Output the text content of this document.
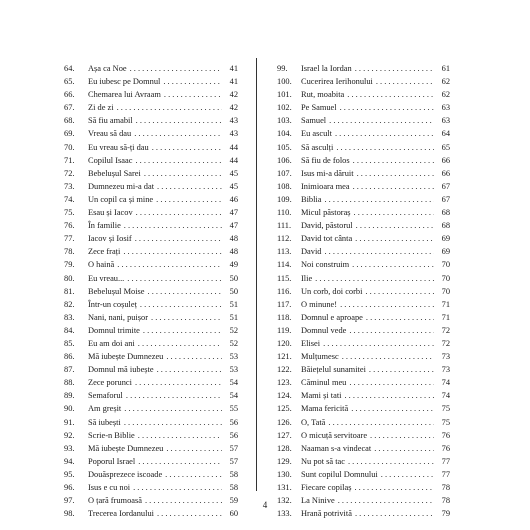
64.	Așa ca Noe . . .	41
65.	Eu iubesc pe Domnul . . .	41
66.	Chemarea lui Avraam . . .	42
67.	Zi de zi . . .	42
68.	Să fiu amabil . . .	43
69.	Vreau să dau . . .	43
70.	Eu vreau să-ți dau . . .	44
71.	Copilul Isaac . . .	44
72.	Bebelușul Sarei . . .	45
73.	Dumnezeu mi-a dat . . .	45
74.	Un copil ca și mine . . .	46
75.	Esau și Iacov . . .	47
76.	În familie . . .	47
77.	Iacov și Iosif . . .	48
78.	Zece frați . . .	48
79.	O haină . . .	49
80.	Eu vreau... . . .	50
81.	Bebelușul Moise . . .	50
82.	Într-un coșuleț . . .	51
83.	Nani, nani, puișor . . .	51
84.	Domnul trimite . . .	52
85.	Eu am doi ani . . .	52
86.	Mă iubește Dumnezeu . . .	53
87.	Domnul mă iubește . . .	53
88.	Zece porunci . . .	54
89.	Semaforul . . .	54
90.	Am greșit . . .	55
91.	Să iubești . . .	56
92.	Scrie-n Biblie . . .	56
93.	Mă iubește Dumnezeu . . .	57
94.	Poporul Israel . . .	57
95.	Douăsprezece iscoade . . .	58
96.	Isus e cu noi . . .	58
97.	O țară frumoasă . . .	59
98.	Trecerea Iordanului . . .	60
99.	Israel la Iordan . . .	61
100.	Cucerirea Ierihonului . . .	62
101.	Rut, moabita . . .	62
102.	Pe Samuel . . .	63
103.	Samuel . . .	63
104.	Eu ascult . . .	64
105.	Să asculți . . .	65
106.	Să fiu de folos . . .	66
107.	Isus mi-a dăruit . . .	66
108.	Inimioara mea . . .	67
109.	Biblia . . .	67
110.	Micul păstoraș . . .	68
111.	David, păstorul . . .	68
112.	David tot cânta . . .	69
113.	David . . .	69
114.	Noi construim . . .	70
115.	Ilie . . .	70
116.	Un corb, doi corbi . . .	70
117.	O minune! . . .	71
118.	Domnul e aproape . . .	71
119.	Domnul vede . . .	72
120.	Elisei . . .	72
121.	Mulțumesc . . .	73
122.	Băiețelul sunamitei . . .	73
123.	Căminul meu . . .	74
124.	Mami și tati . . .	74
125.	Mama fericită . . .	75
126.	O, Tată . . .	75
127.	O micuță servitoare . . .	76
128.	Naaman s-a vindecat . . .	76
129.	Nu pot să tac . . .	77
130.	Sunt copilul Domnului . . .	77
131.	Fiecare copilaș . . .	78
132.	La Ninive . . .	78
133.	Hrană potrivită . . .	79
4
